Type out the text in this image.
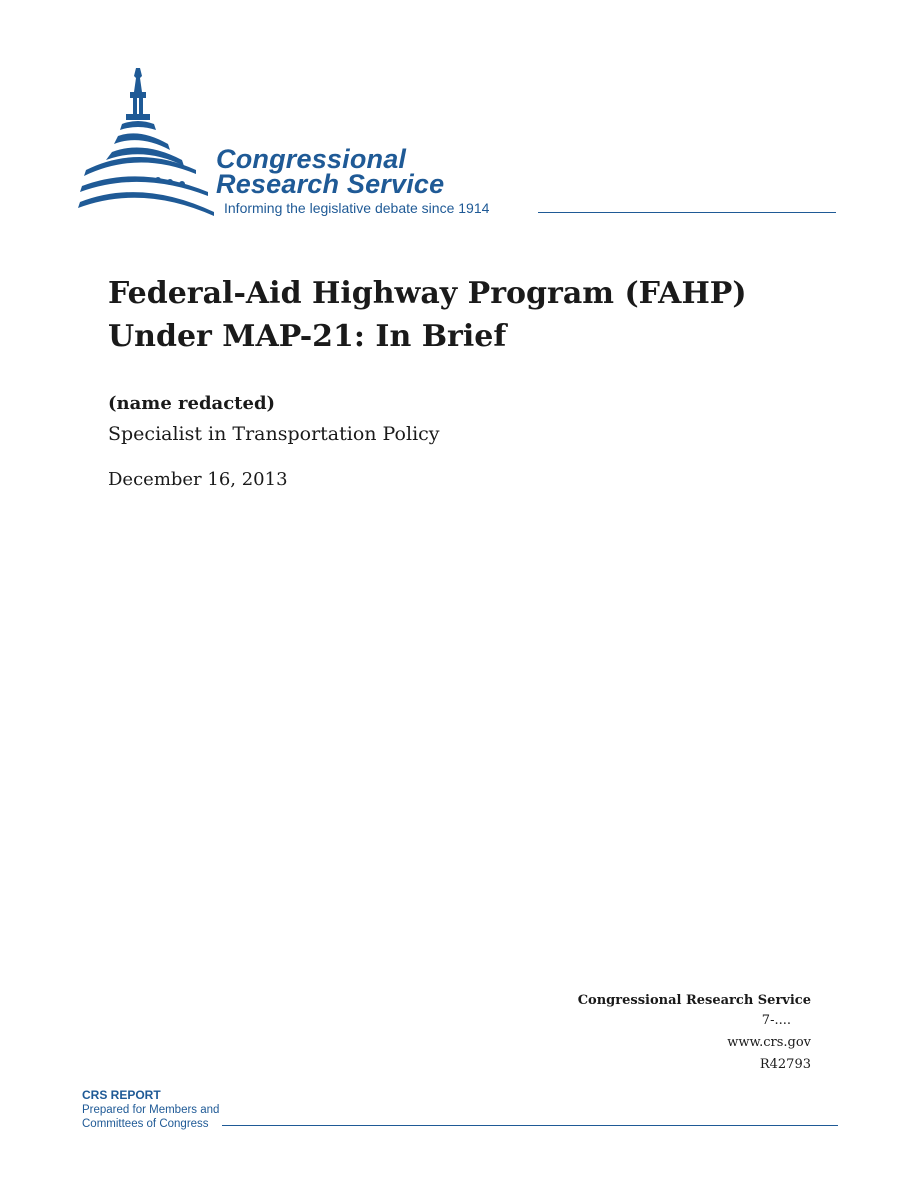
Congressional
Research Service
Informing the legislative debate since 1914
Federal-Aid Highway Program (FAHP)
Under MAP-21: In Brief
(name redacted)
Specialist in Transportation Policy
December 16, 2013
Congressional Research Service
7-....
www.crs.gov
R42793
CRS REPORT
Prepared for Members and
Committees of Congress
